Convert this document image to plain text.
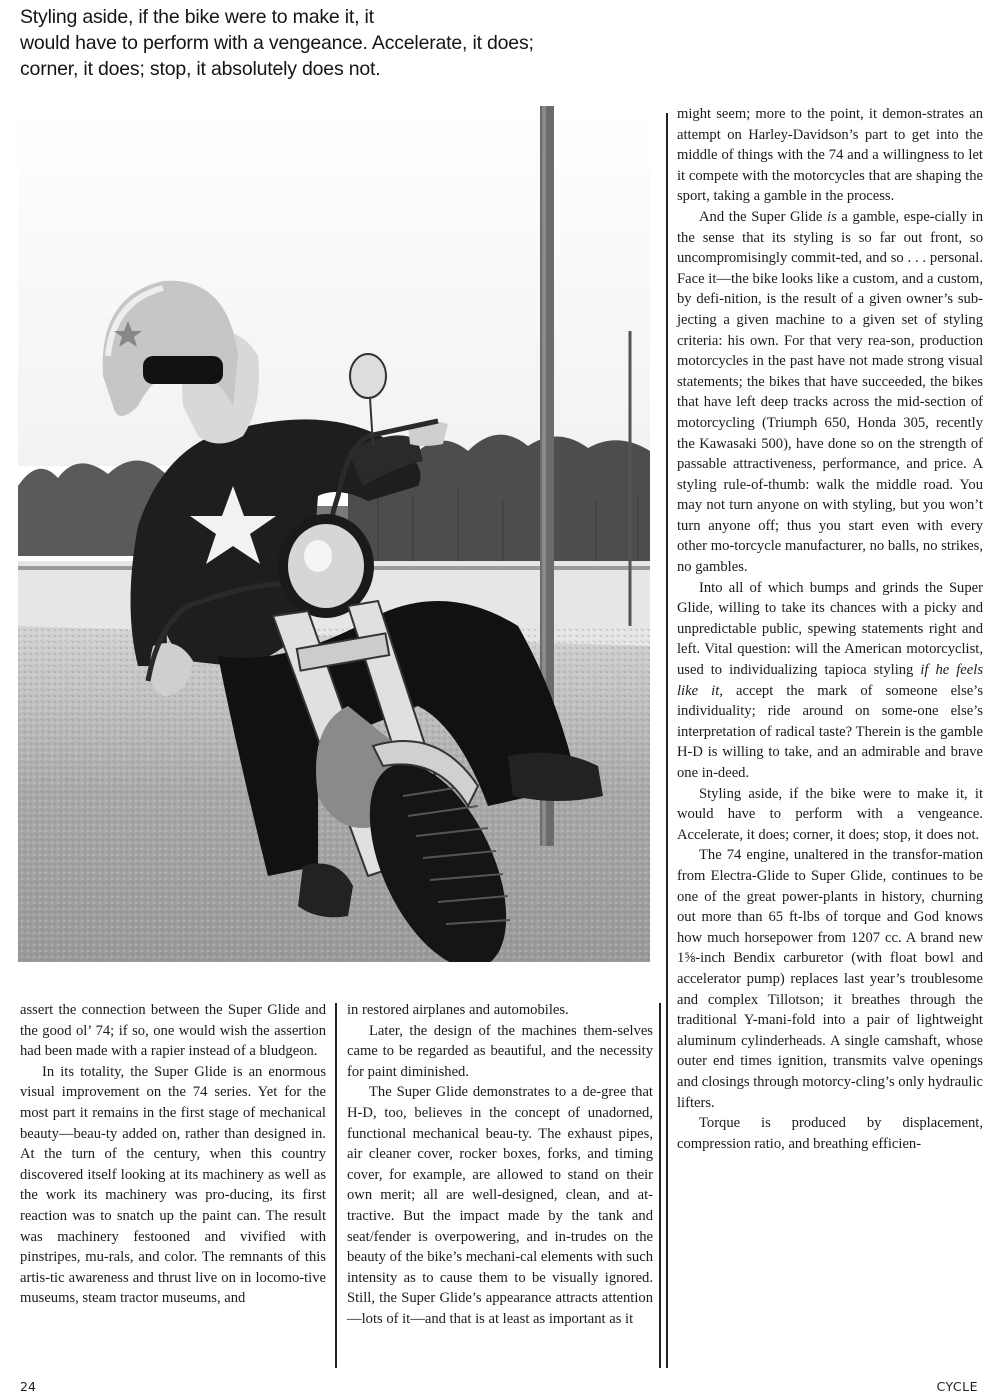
Styling aside, if the bike were to make it, it
would have to perform with a vengeance. Accelerate, it does;
corner, it does; stop, it absolutely does not.

assert the connection between the Super Glide and the good ol’ 74; if so, one would wish the assertion had been made with a rapier instead of a bludgeon.

In its totality, the Super Glide is an enormous visual improvement on the 74 series. Yet for the most part it remains in the first stage of mechanical beauty—beau-ty added on, rather than designed in. At the turn of the century, when this country discovered itself looking at its machinery as well as the work its machinery was pro-ducing, its first reaction was to snatch up the paint can. The result was machinery festooned and vivified with pinstripes, mu-rals, and color. The remnants of this artis-tic awareness and thrust live on in locomo-tive museums, steam tractor museums, and

in restored airplanes and automobiles.

Later, the design of the machines them-selves came to be regarded as beautiful, and the necessity for paint diminished.

The Super Glide demonstrates to a de-gree that H-D, too, believes in the concept of unadorned, functional mechanical beau-ty. The exhaust pipes, air cleaner cover, rocker boxes, forks, and timing cover, for example, are allowed to stand on their own merit; all are well-designed, clean, and at-tractive. But the impact made by the tank and seat/fender is overpowering, and in-trudes on the beauty of the bike’s mechani-cal elements with such intensity as to cause them to be visually ignored. Still, the Super Glide’s appearance attracts attention—lots of it—and that is at least as important as it

might seem; more to the point, it demon-strates an attempt on Harley-Davidson’s part to get into the middle of things with the 74 and a willingness to let it compete with the motorcycles that are shaping the sport, taking a gamble in the process.

And the Super Glide is a gamble, espe-cially in the sense that its styling is so far out front, so uncompromisingly commit-ted, and so . . . personal. Face it—the bike looks like a custom, and a custom, by defi-nition, is the result of a given owner’s sub-jecting a given machine to a given set of styling criteria: his own. For that very rea-son, production motorcycles in the past have not made strong visual statements; the bikes that have succeeded, the bikes that have left deep tracks across the mid-section of motorcycling (Triumph 650, Honda 305, recently the Kawasaki 500), have done so on the strength of passable attractiveness, performance, and price. A styling rule-of-thumb: walk the middle road. You may not turn anyone on with styling, but you won’t turn anyone off; thus you start even with every other mo-torcycle manufacturer, no balls, no strikes, no gambles.

Into all of which bumps and grinds the Super Glide, willing to take its chances with a picky and unpredictable public, spewing statements right and left. Vital question: will the American motorcyclist, used to individualizing tapioca styling if he feels like it, accept the mark of someone else’s individuality; ride around on some-one else’s interpretation of radical taste? Therein is the gamble H-D is willing to take, and an admirable and brave one in-deed.

Styling aside, if the bike were to make it, it would have to perform with a vengeance. Accelerate, it does; corner, it does; stop, it does not.

The 74 engine, unaltered in the transfor-mation from Electra-Glide to Super Glide, continues to be one of the great power-plants in history, churning out more than 65 ft-lbs of torque and God knows how much horsepower from 1207 cc. A brand new 1⅝-inch Bendix carburetor (with float bowl and accelerator pump) replaces last year’s troublesome and complex Tillotson; it breathes through the traditional Y-mani-fold into a pair of lightweight aluminum cylinderheads. A single camshaft, whose outer end times ignition, transmits valve openings and closings through motorcy-cling’s only hydraulic lifters.

Torque is produced by displacement, compression ratio, and breathing efficien-

24	CYCLE
